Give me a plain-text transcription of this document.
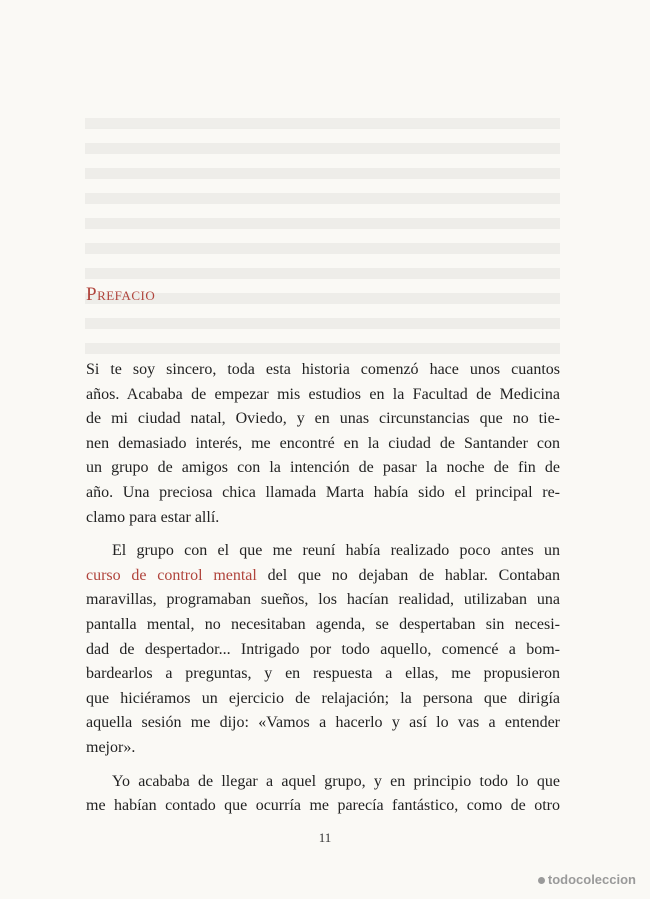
Prefacio
Si te soy sincero, toda esta historia comenzó hace unos cuantos
años. Acababa de empezar mis estudios en la Facultad de Medicina
de mi ciudad natal, Oviedo, y en unas circunstancias que no tie-
nen demasiado interés, me encontré en la ciudad de Santander con
un grupo de amigos con la intención de pasar la noche de fin de
año. Una preciosa chica llamada Marta había sido el principal re-
clamo para estar allí.
El grupo con el que me reuní había realizado poco antes un
curso de control mental del que no dejaban de hablar. Contaban
maravillas, programaban sueños, los hacían realidad, utilizaban una
pantalla mental, no necesitaban agenda, se despertaban sin necesi-
dad de despertador... Intrigado por todo aquello, comencé a bom-
bardearlos a preguntas, y en respuesta a ellas, me propusieron
que hiciéramos un ejercicio de relajación; la persona que dirigía
aquella sesión me dijo: «Vamos a hacerlo y así lo vas a entender
mejor».
Yo acababa de llegar a aquel grupo, y en principio todo lo que
me habían contado que ocurría me parecía fantástico, como de otro
11
todocoleccion
